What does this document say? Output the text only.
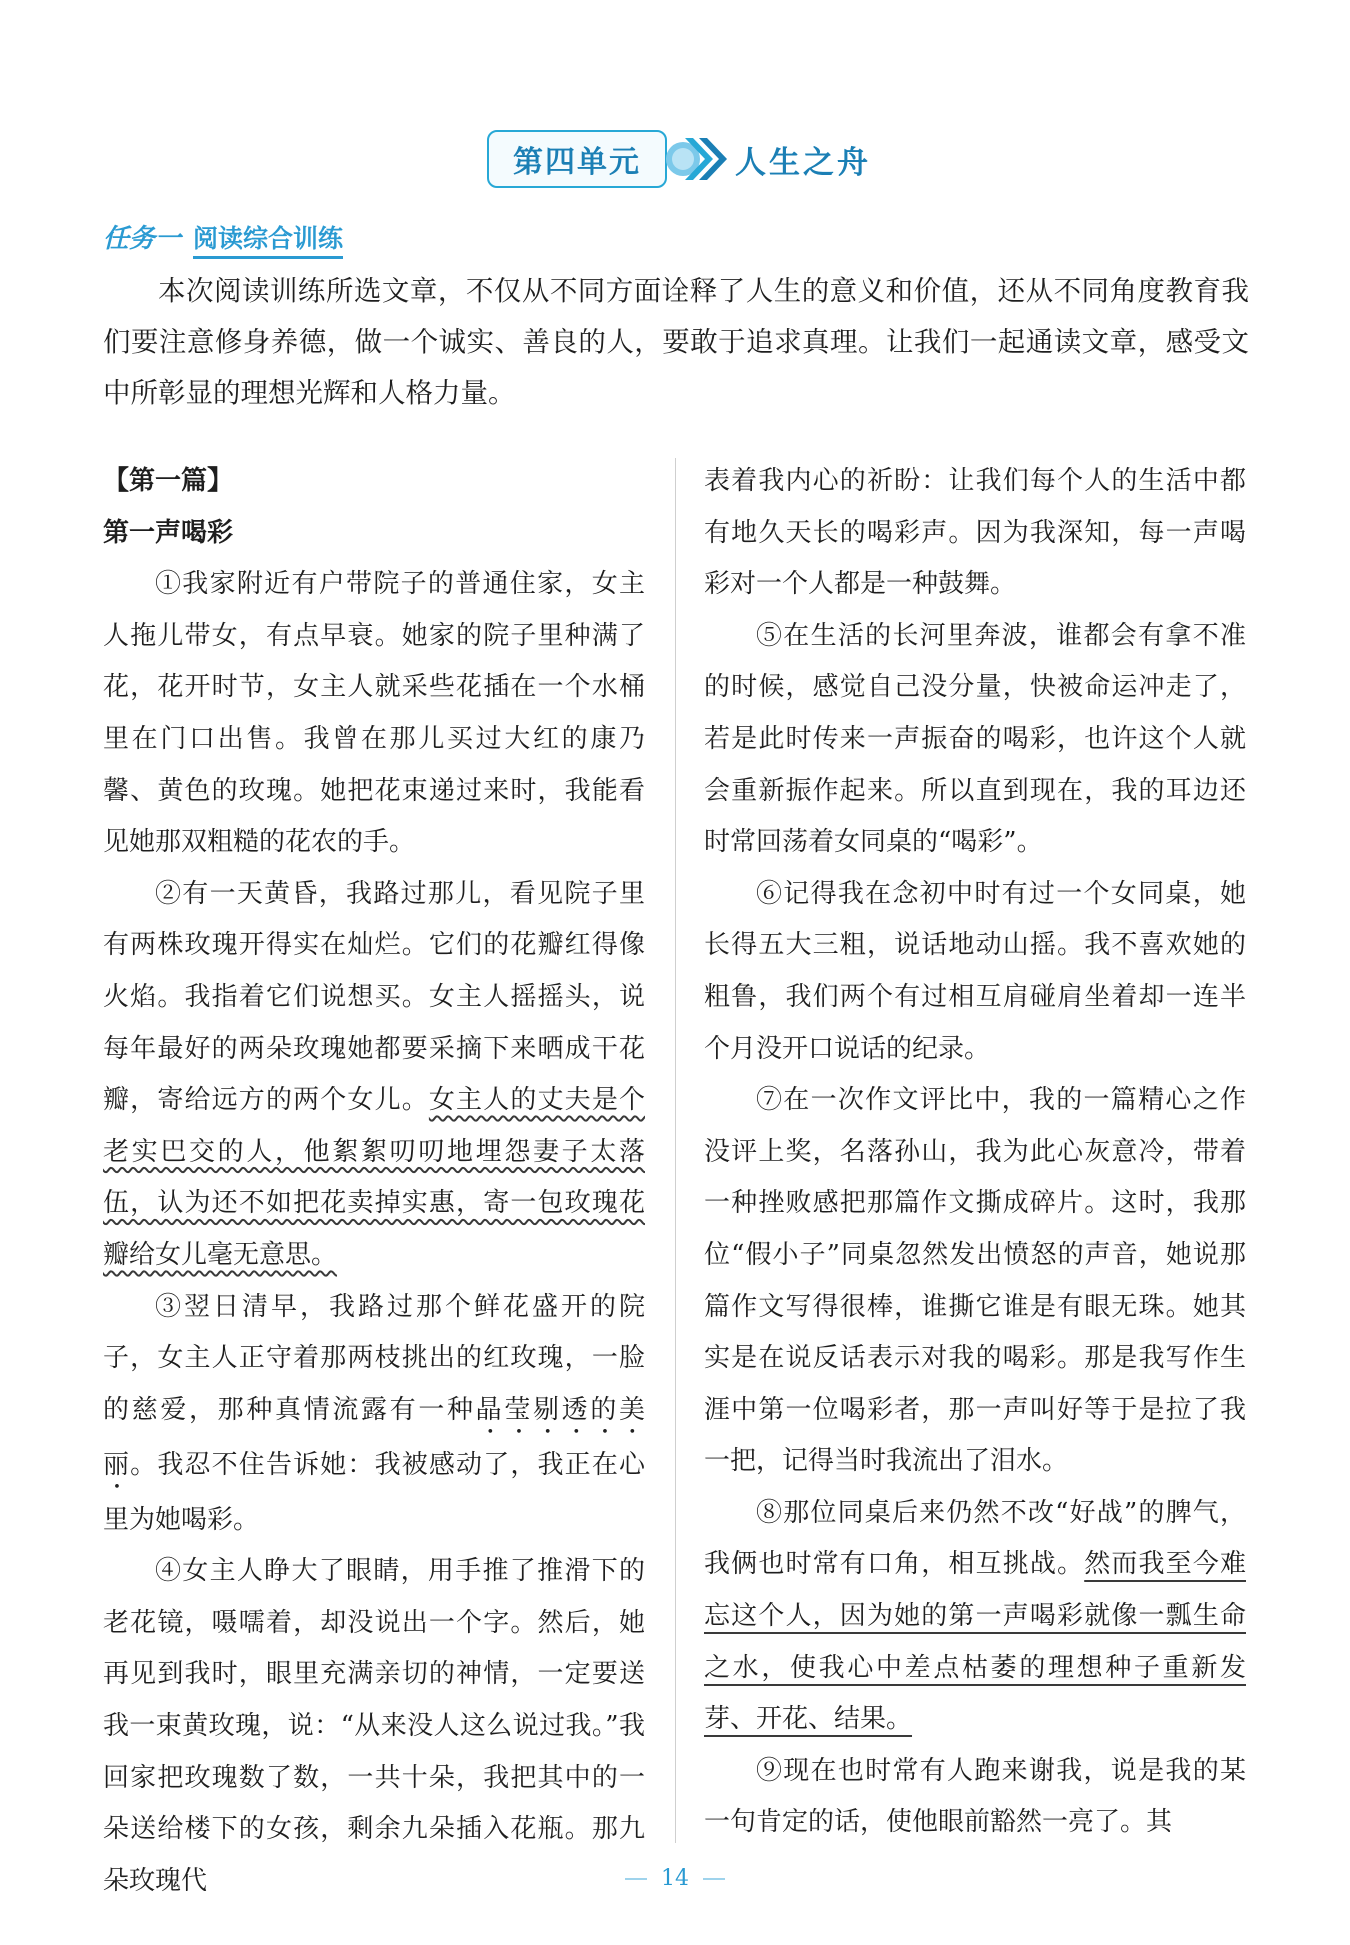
第四单元	人生之舟
任务一 阅读综合训练

本次阅读训练所选文章，不仅从不同方面诠释了人生的意义和价值，还从不同角度教育我们要注意修身养德，做一个诚实、善良的人，要敢于追求真理。让我们一起通读文章，感受文中所彰显的理想光辉和人格力量。

【第一篇】

第一声喝彩

①我家附近有户带院子的普通住家，女主人拖儿带女，有点早衰。她家的院子里种满了花，花开时节，女主人就采些花插在一个水桶里在门口出售。我曾在那儿买过大红的康乃馨、黄色的玫瑰。她把花束递过来时，我能看见她那双粗糙的花农的手。

②有一天黄昏，我路过那儿，看见院子里有两株玫瑰开得实在灿烂。它们的花瓣红得像火焰。我指着它们说想买。女主人摇摇头，说每年最好的两朵玫瑰她都要采摘下来晒成干花瓣，寄给远方的两个女儿。女主人的丈夫是个老实巴交的人，他絮絮叨叨地埋怨妻子太落伍，认为还不如把花卖掉实惠，寄一包玫瑰花瓣给女儿毫无意思。

③翌日清早，我路过那个鲜花盛开的院子，女主人正守着那两枝挑出的红玫瑰，一脸的慈爱，那种真情流露有一种晶莹剔透的美丽。我忍不住告诉她：我被感动了，我正在心里为她喝彩。

④女主人睁大了眼睛，用手推了推滑下的老花镜，嗫嚅着，却没说出一个字。然后，她再见到我时，眼里充满亲切的神情，一定要送我一束黄玫瑰，说：“从来没人这么说过我。”我回家把玫瑰数了数，一共十朵，我把其中的一朵送给楼下的女孩，剩余九朵插入花瓶。那九朵玫瑰代

表着我内心的祈盼：让我们每个人的生活中都有地久天长的喝彩声。因为我深知，每一声喝彩对一个人都是一种鼓舞。

⑤在生活的长河里奔波，谁都会有拿不准的时候，感觉自己没分量，快被命运冲走了，若是此时传来一声振奋的喝彩，也许这个人就会重新振作起来。所以直到现在，我的耳边还时常回荡着女同桌的“喝彩”。

⑥记得我在念初中时有过一个女同桌，她长得五大三粗，说话地动山摇。我不喜欢她的粗鲁，我们两个有过相互肩碰肩坐着却一连半个月没开口说话的纪录。

⑦在一次作文评比中，我的一篇精心之作没评上奖，名落孙山，我为此心灰意冷，带着一种挫败感把那篇作文撕成碎片。这时，我那位“假小子”同桌忽然发出愤怒的声音，她说那篇作文写得很棒，谁撕它谁是有眼无珠。她其实是在说反话表示对我的喝彩。那是我写作生涯中第一位喝彩者，那一声叫好等于是拉了我一把，记得当时我流出了泪水。

⑧那位同桌后来仍然不改“好战”的脾气，我俩也时常有口角，相互挑战。然而我至今难忘这个人，因为她的第一声喝彩就像一瓢生命之水，使我心中差点枯萎的理想种子重新发芽、开花、结果。

⑨现在也时常有人跑来谢我，说是我的某一句肯定的话，使他眼前豁然一亮了。其

14
